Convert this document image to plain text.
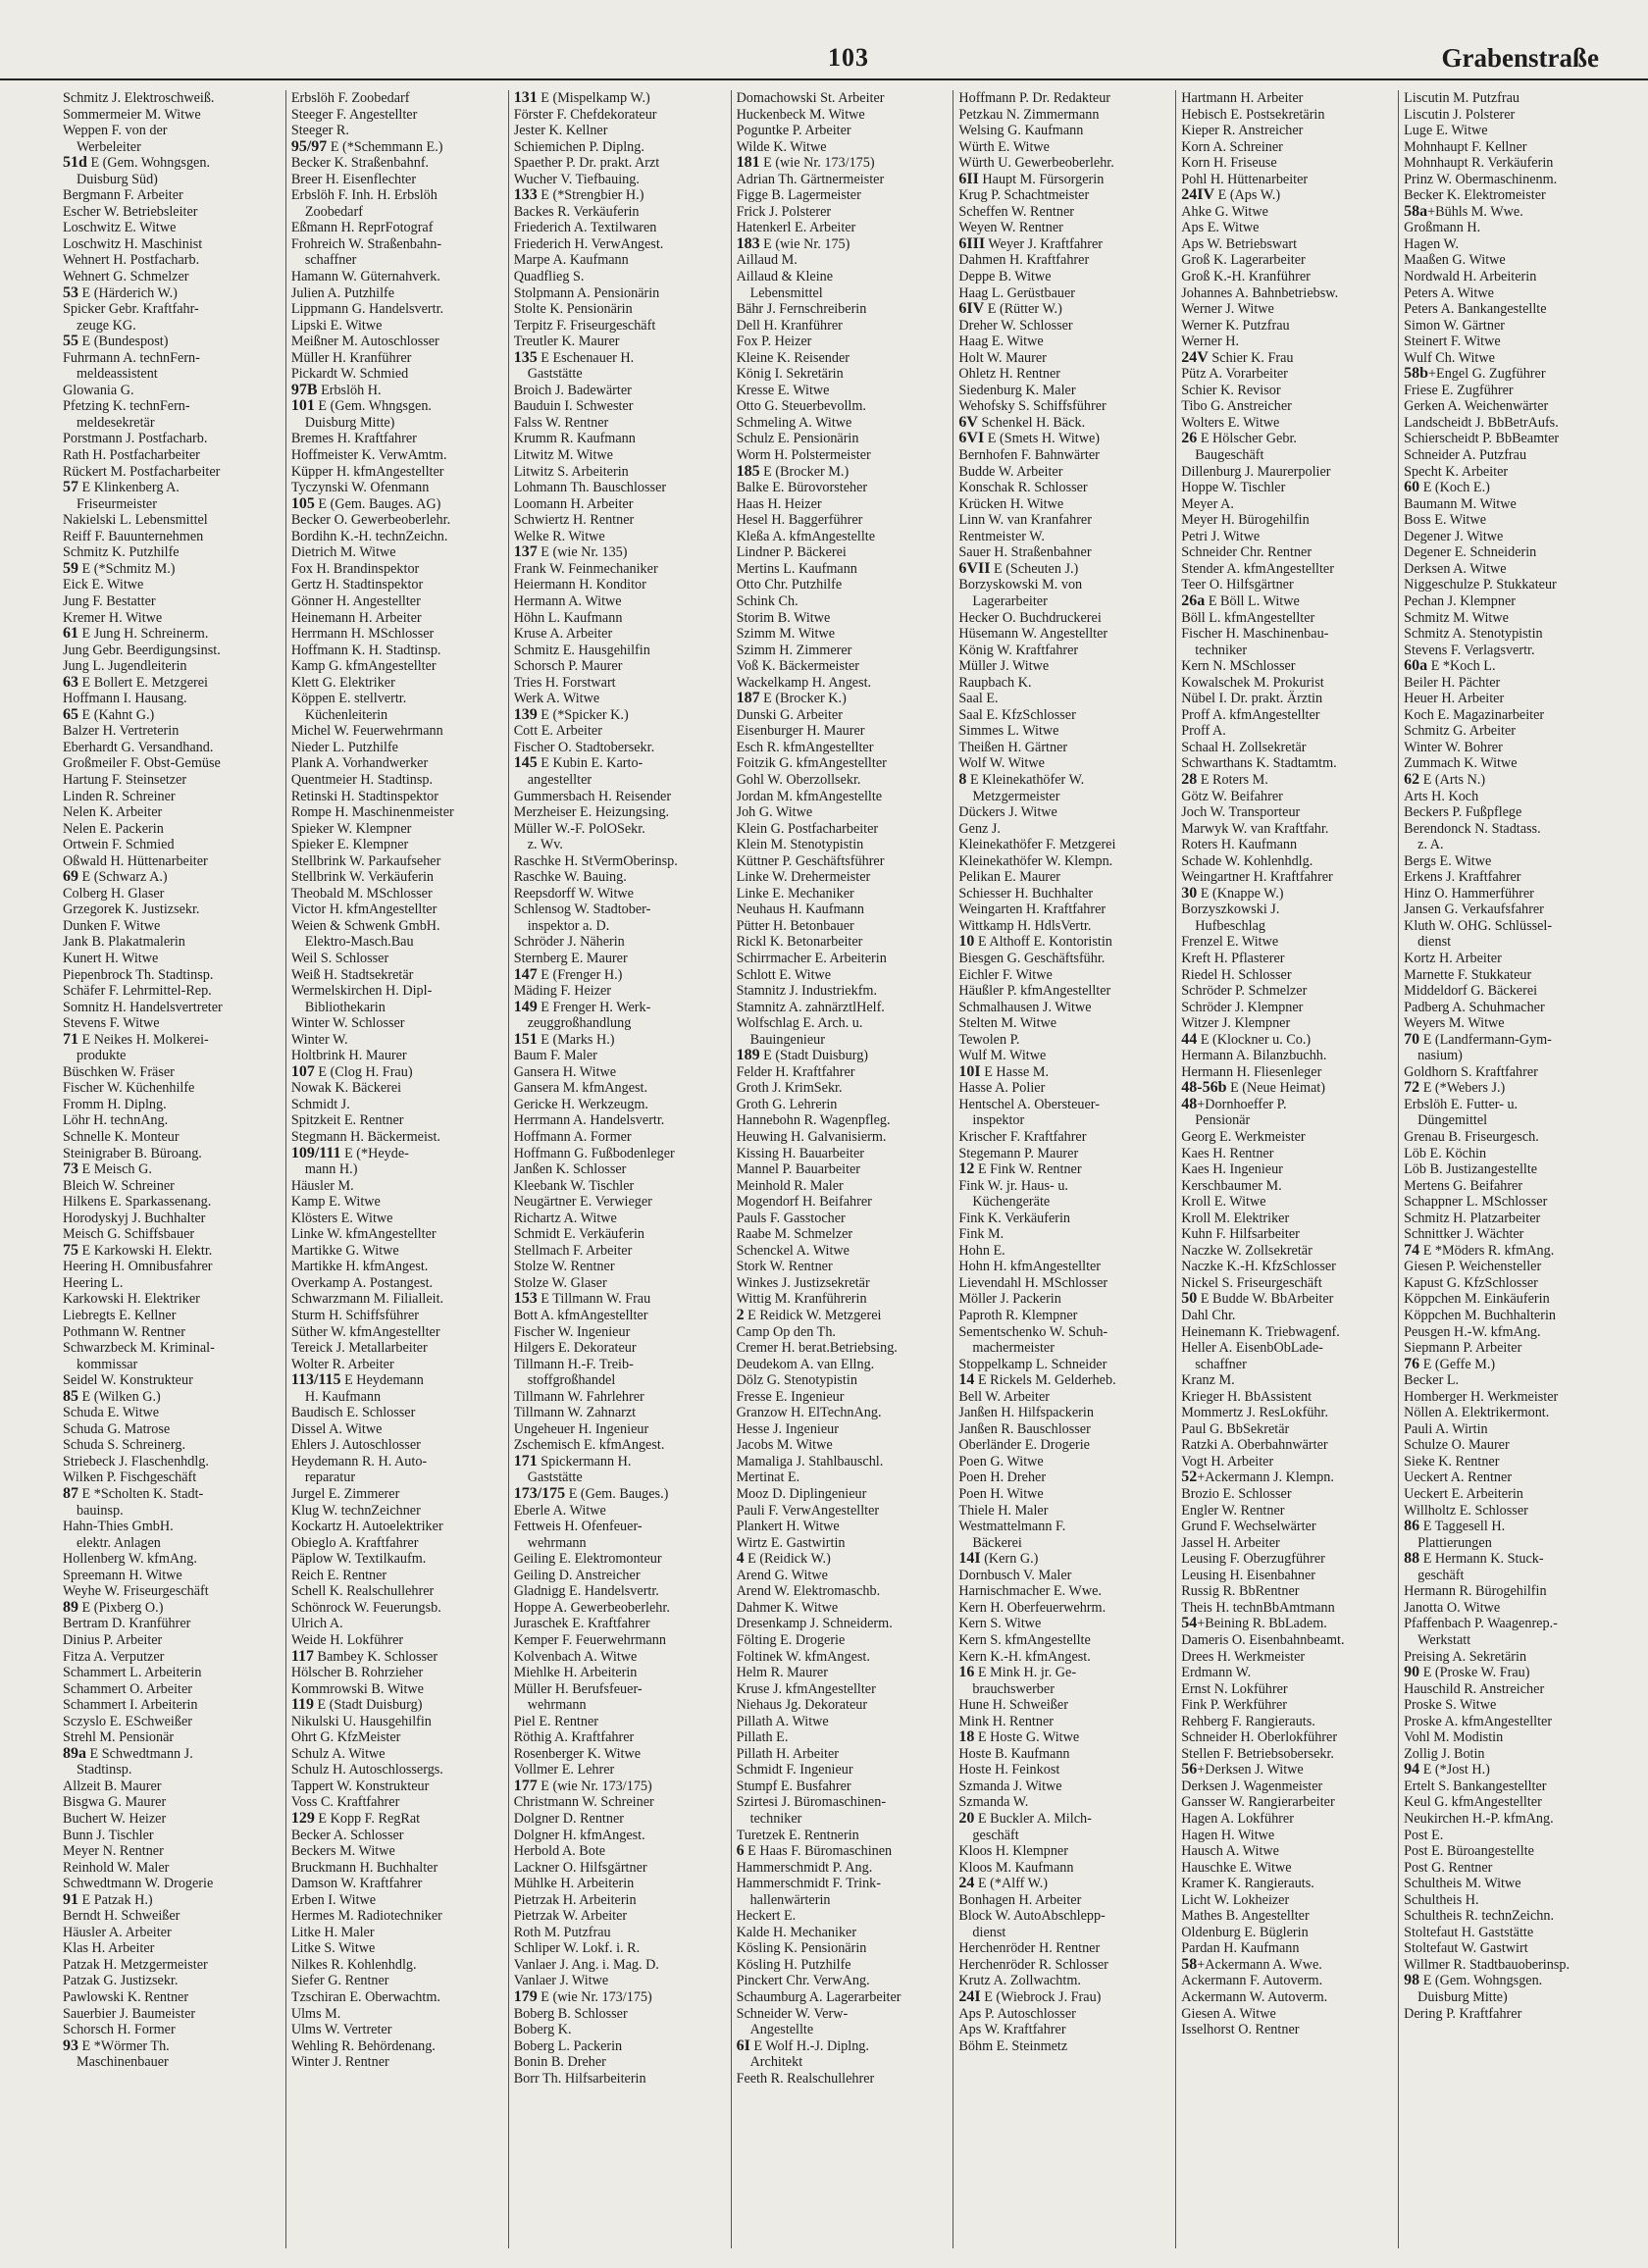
103	Grabenstraße
Schmitz J. Elektroschweiß.
Sommermeier M. Witwe
Weppen F. von der
Werbeleiter
51d E (Gem. Wohngsgen.
Duisburg Süd)
Bergmann F. Arbeiter
Escher W. Betriebsleiter
Loschwitz E. Witwe
Loschwitz H. Maschinist
Wehnert H. Postfacharb.
Wehnert G. Schmelzer
53 E (Härderich W.)
Spicker Gebr. Kraftfahr-
zeuge KG.
55 E (Bundespost)
Fuhrmann A. technFern-
meldeassistent
Glowania G.
Pfetzing K. technFern-
meldesekretär
Porstmann J. Postfacharb.
Rath H. Postfacharbeiter
Rückert M. Postfacharbeiter
57 E Klinkenberg A.
Friseurmeister
Nakielski L. Lebensmittel
Reiff F. Bauunternehmen
Schmitz K. Putzhilfe
59 E (*Schmitz M.)
Eick E. Witwe
Jung F. Bestatter
Kremer H. Witwe
61 E Jung H. Schreinerm.
Jung Gebr. Beerdigungsinst.
Jung L. Jugendleiterin
63 E Bollert E. Metzgerei
Hoffmann I. Hausang.
65 E (Kahnt G.)
Balzer H. Vertreterin
Eberhardt G. Versandhand.
Großmeiler F. Obst-Gemüse
Hartung F. Steinsetzer
Linden R. Schreiner
Nelen K. Arbeiter
Nelen E. Packerin
Ortwein F. Schmied
Oßwald H. Hüttenarbeiter
69 E (Schwarz A.)
Colberg H. Glaser
Grzegorek K. Justizsekr.
Dunken F. Witwe
Jank B. Plakatmalerin
Kunert H. Witwe
Piepenbrock Th. Stadtinsp.
Schäfer F. Lehrmittel-Rep.
Somnitz H. Handelsvertreter
Stevens F. Witwe
71 E Neikes H. Molkerei-
produkte
Büschken W. Fräser
Fischer W. Küchenhilfe
Fromm H. Diplng.
Löhr H. technAng.
Schnelle K. Monteur
Steinigraber B. Büroang.
73 E Meisch G.
Bleich W. Schreiner
Hilkens E. Sparkassenang.
Horodyskyj J. Buchhalter
Meisch G. Schiffsbauer
75 E Karkowski H. Elektr.
Heering H. Omnibusfahrer
Heering L.
Karkowski H. Elektriker
Liebregts E. Kellner
Pothmann W. Rentner
Schwarzbeck M. Kriminal-
kommissar
Seidel W. Konstrukteur
85 E (Wilken G.)
Schuda E. Witwe
Schuda G. Matrose
Schuda S. Schreinerg.
Striebeck J. Flaschenhdlg.
Wilken P. Fischgeschäft
87 E *Scholten K. Stadt-
bauinsp.
Hahn-Thies GmbH.
elektr. Anlagen
Hollenberg W. kfmAng.
Spreemann H. Witwe
Weyhe W. Friseurgeschäft
89 E (Pixberg O.)
Bertram D. Kranführer
Dinius P. Arbeiter
Fitza A. Verputzer
Schammert L. Arbeiterin
Schammert O. Arbeiter
Schammert I. Arbeiterin
Sczyslo E. ESchweißer
Strehl M. Pensionär
89a E Schwedtmann J.
Stadtinsp.
Allzeit B. Maurer
Bisgwa G. Maurer
Buchert W. Heizer
Bunn J. Tischler
Meyer N. Rentner
Reinhold W. Maler
Schwedtmann W. Drogerie
91 E Patzak H.)
Berndt H. Schweißer
Häusler A. Arbeiter
Klas H. Arbeiter
Patzak H. Metzgermeister
Patzak G. Justizsekr.
Pawlowski K. Rentner
Sauerbier J. Baumeister
Schorsch H. Former
93 E *Wörmer Th.
Maschinenbauer
Erbslöh F. Zoobedarf
Steeger F. Angestellter
Steeger R.
95/97 E (*Schemmann E.)
Becker K. Straßenbahnf.
Breer H. Eisenflechter
Erbslöh F. Inh. H. Erbslöh
Zoobedarf
Eßmann H. ReprFotograf
Frohreich W. Straßenbahn-
schaffner
Hamann W. Güternahverk.
Julien A. Putzhilfe
Lippmann G. Handelsvertr.
Lipski E. Witwe
Meißner M. Autoschlosser
Müller H. Kranführer
Pickardt W. Schmied
97B Erbslöh H.
101 E (Gem. Whngsgen.
Duisburg Mitte)
Bremes H. Kraftfahrer
Hoffmeister K. VerwAmtm.
Küpper H. kfmAngestellter
Tyczynski W. Ofenmann
105 E (Gem. Bauges. AG)
Becker O. Gewerbeoberlehr.
Bordihn K.-H. technZeichn.
Dietrich M. Witwe
Fox H. Brandinspektor
Gertz H. Stadtinspektor
Gönner H. Angestellter
Heinemann H. Arbeiter
Herrmann H. MSchlosser
Hoffmann K. H. Stadtinsp.
Kamp G. kfmAngestellter
Klett G. Elektriker
Köppen E. stellvertr.
Küchenleiterin
Michel W. Feuerwehrmann
Nieder L. Putzhilfe
Plank A. Vorhandwerker
Quentmeier H. Stadtinsp.
Retinski H. Stadtinspektor
Rompe H. Maschinenmeister
Spieker W. Klempner
Spieker E. Klempner
Stellbrink W. Parkaufseher
Stellbrink W. Verkäuferin
Theobald M. MSchlosser
Victor H. kfmAngestellter
Weien & Schwenk GmbH.
Elektro-Masch.Bau
Weil S. Schlosser
Weiß H. Stadtsekretär
Wermelskirchen H. Dipl-
Bibliothekarin
Winter W. Schlosser
Winter W.
Holtbrink H. Maurer
107 E (Clog H. Frau)
Nowak K. Bäckerei
Schmidt J.
Spitzkeit E. Rentner
Stegmann H. Bäckermeist.
109/111 E (*Heyde-
mann H.)
Häusler M.
Kamp E. Witwe
Klösters E. Witwe
Linke W. kfmAngestellter
Martikke G. Witwe
Martikke H. kfmAngest.
Overkamp A. Postangest.
Schwarzmann M. Filialleit.
Sturm H. Schiffsführer
Süther W. kfmAngestellter
Tereick J. Metallarbeiter
Wolter R. Arbeiter
113/115 E Heydemann
H. Kaufmann
Baudisch E. Schlosser
Dissel A. Witwe
Ehlers J. Autoschlosser
Heydemann R. H. Auto-
reparatur
Jurgel E. Zimmerer
Klug W. technZeichner
Kockartz H. Autoelektriker
Obieglo A. Kraftfahrer
Päplow W. Textilkaufm.
Reich E. Rentner
Schell K. Realschullehrer
Schönrock W. Feuerungsb.
Ulrich A.
Weide H. Lokführer
117 Bambey K. Schlosser
Hölscher B. Rohrzieher
Kommrowski B. Witwe
119 E (Stadt Duisburg)
Nikulski U. Hausgehilfin
Ohrt G. KfzMeister
Schulz A. Witwe
Schulz H. Autoschlossergs.
Tappert W. Konstrukteur
Voss C. Kraftfahrer
129 E Kopp F. RegRat
Becker A. Schlosser
Beckers M. Witwe
Bruckmann H. Buchhalter
Damson W. Kraftfahrer
Erben I. Witwe
Hermes M. Radiotechniker
Litke H. Maler
Litke S. Witwe
Nilkes R. Kohlenhdlg.
Siefer G. Rentner
Tzschiran E. Oberwachtm.
Ulms M.
Ulms W. Vertreter
Wehling R. Behördenang.
Winter J. Rentner
131 E (Mispelkamp W.)
Förster F. Chefdekorateur
Jester K. Kellner
Schiemichen P. Diplng.
Spaether P. Dr. prakt. Arzt
Wucher V. Tiefbauing.
133 E (*Strengbier H.)
Backes R. Verkäuferin
Friederich A. Textilwaren
Friederich H. VerwAngest.
Marpe A. Kaufmann
Quadflieg S.
Stolpmann A. Pensionärin
Stolte K. Pensionärin
Terpitz F. Friseurgeschäft
Treutler K. Maurer
135 E Eschenauer H.
Gaststätte
Broich J. Badewärter
Bauduin I. Schwester
Falss W. Rentner
Krumm R. Kaufmann
Litwitz M. Witwe
Litwitz S. Arbeiterin
Lohmann Th. Bauschlosser
Loomann H. Arbeiter
Schwiertz H. Rentner
Welke R. Witwe
137 E (wie Nr. 135)
Frank W. Feinmechaniker
Heiermann H. Konditor
Hermann A. Witwe
Höhn L. Kaufmann
Kruse A. Arbeiter
Schmitz E. Hausgehilfin
Schorsch P. Maurer
Tries H. Forstwart
Werk A. Witwe
139 E (*Spicker K.)
Cott E. Arbeiter
Fischer O. Stadtobersekr.
145 E Kubin E. Karto-
angestellter
Gummersbach H. Reisender
Merzheiser E. Heizungsing.
Müller W.-F. PolOSekr.
z. Wv.
Raschke H. StVermOberinsp.
Raschke W. Bauing.
Reepsdorff W. Witwe
Schlensog W. Stadtober-
inspektor a. D.
Schröder J. Näherin
Sternberg E. Maurer
147 E (Frenger H.)
Mäding F. Heizer
149 E Frenger H. Werk-
zeuggroßhandlung
151 E (Marks H.)
Baum F. Maler
Gansera H. Witwe
Gansera M. kfmAngest.
Gericke H. Werkzeugm.
Herrmann A. Handelsvertr.
Hoffmann A. Former
Hoffmann G. Fußbodenleger
Janßen K. Schlosser
Kleebank W. Tischler
Neugärtner E. Verwieger
Richartz A. Witwe
Schmidt E. Verkäuferin
Stellmach F. Arbeiter
Stolze W. Rentner
Stolze W. Glaser
153 E Tillmann W. Frau
Bott A. kfmAngestellter
Fischer W. Ingenieur
Hilgers E. Dekorateur
Tillmann H.-F. Treib-
stoffgroßhandel
Tillmann W. Fahrlehrer
Tillmann W. Zahnarzt
Ungeheuer H. Ingenieur
Zschemisch E. kfmAngest.
171 Spickermann H.
Gaststätte
173/175 E (Gem. Bauges.)
Eberle A. Witwe
Fettweis H. Ofenfeuer-
wehrmann
Geiling E. Elektromonteur
Geiling D. Anstreicher
Gladnigg E. Handelsvertr.
Hoppe A. Gewerbeoberlehr.
Juraschek E. Kraftfahrer
Kemper F. Feuerwehrmann
Kolvenbach A. Witwe
Miehlke H. Arbeiterin
Müller H. Berufsfeuer-
wehrmann
Piel E. Rentner
Röthig A. Kraftfahrer
Rosenberger K. Witwe
Vollmer E. Lehrer
177 E (wie Nr. 173/175)
Christmann W. Schreiner
Dolgner D. Rentner
Dolgner H. kfmAngest.
Herbold A. Bote
Lackner O. Hilfsgärtner
Mühlke H. Arbeiterin
Pietrzak H. Arbeiterin
Pietrzak W. Arbeiter
Roth M. Putzfrau
Schliper W. Lokf. i. R.
Vanlaer J. Ang. i. Mag. D.
Vanlaer J. Witwe
179 E (wie Nr. 173/175)
Boberg B. Schlosser
Boberg K.
Boberg L. Packerin
Bonin B. Dreher
Borr Th. Hilfsarbeiterin
Domachowski St. Arbeiter
Huckenbeck M. Witwe
Poguntke P. Arbeiter
Wilde K. Witwe
181 E (wie Nr. 173/175)
Adrian Th. Gärtnermeister
Figge B. Lagermeister
Frick J. Polsterer
Hatenkerl E. Arbeiter
183 E (wie Nr. 175)
Aillaud M.
Aillaud & Kleine
Lebensmittel
Bähr J. Fernschreiberin
Dell H. Kranführer
Fox P. Heizer
Kleine K. Reisender
König I. Sekretärin
Kresse E. Witwe
Otto G. Steuerbevollm.
Schmeling A. Witwe
Schulz E. Pensionärin
Worm H. Polstermeister
185 E (Brocker M.)
Balke E. Bürovorsteher
Haas H. Heizer
Hesel H. Baggerführer
Kleßa A. kfmAngestellte
Lindner P. Bäckerei
Mertins L. Kaufmann
Otto Chr. Putzhilfe
Schink Ch.
Storim B. Witwe
Szimm M. Witwe
Szimm H. Zimmerer
Voß K. Bäckermeister
Wackelkamp H. Angest.
187 E (Brocker K.)
Dunski G. Arbeiter
Eisenburger H. Maurer
Esch R. kfmAngestellter
Foitzik G. kfmAngestellter
Gohl W. Oberzollsekr.
Jordan M. kfmAngestellte
Joh G. Witwe
Klein G. Postfacharbeiter
Klein M. Stenotypistin
Küttner P. Geschäftsführer
Linke W. Drehermeister
Linke E. Mechaniker
Neuhaus H. Kaufmann
Pütter H. Betonbauer
Rickl K. Betonarbeiter
Schirrmacher E. Arbeiterin
Schlott E. Witwe
Stamnitz J. Industriekfm.
Stamnitz A. zahnärztlHelf.
Wolfschlag E. Arch. u.
Bauingenieur
189 E (Stadt Duisburg)
Felder H. Kraftfahrer
Groth J. KrimSekr.
Groth G. Lehrerin
Hannebohn R. Wagenpfleg.
Heuwing H. Galvanisierm.
Kissing H. Bauarbeiter
Mannel P. Bauarbeiter
Meinhold R. Maler
Mogendorf H. Beifahrer
Pauls F. Gasstocher
Raabe M. Schmelzer
Schenckel A. Witwe
Stork W. Rentner
Winkes J. Justizsekretär
Wittig M. Kranführerin
2 E Reidick W. Metzgerei
Camp Op den Th.
Cremer H. berat.Betriebsing.
Deudekom A. van Ellng.
Dölz G. Stenotypistin
Fresse E. Ingenieur
Granzow H. ElTechnAng.
Hesse J. Ingenieur
Jacobs M. Witwe
Mamaliga J. Stahlbauschl.
Mertinat E.
Mooz D. Diplingenieur
Pauli F. VerwAngestellter
Plankert H. Witwe
Wirtz E. Gastwirtin
4 E (Reidick W.)
Arend G. Witwe
Arend W. Elektromaschb.
Dahmer K. Witwe
Dresenkamp J. Schneiderm.
Fölting E. Drogerie
Foltinek W. kfmAngest.
Helm R. Maurer
Kruse J. kfmAngestellter
Niehaus Jg. Dekorateur
Pillath A. Witwe
Pillath E.
Pillath H. Arbeiter
Schmidt F. Ingenieur
Stumpf E. Busfahrer
Szirtesi J. Büromaschinen-
techniker
Turetzek E. Rentnerin
6 E Haas F. Büromaschinen
Hammerschmidt P. Ang.
Hammerschmidt F. Trink-
hallenwärterin
Heckert E.
Kalde H. Mechaniker
Kösling K. Pensionärin
Kösling H. Putzhilfe
Pinckert Chr. VerwAng.
Schaumburg A. Lagerarbeiter
Schneider W. Verw-
Angestellte
6I E Wolf H.-J. Diplng.
Architekt
Feeth R. Realschullehrer
Hoffmann P. Dr. Redakteur
Petzkau N. Zimmermann
Welsing G. Kaufmann
Würth E. Witwe
Würth U. Gewerbeoberlehr.
6II Haupt M. Fürsorgerin
Krug P. Schachtmeister
Scheffen W. Rentner
Weyen W. Rentner
6III Weyer J. Kraftfahrer
Dahmen H. Kraftfahrer
Deppe B. Witwe
Haag L. Gerüstbauer
6IV E (Rütter W.)
Dreher W. Schlosser
Haag E. Witwe
Holt W. Maurer
Ohletz H. Rentner
Siedenburg K. Maler
Wehofsky S. Schiffsführer
6V Schenkel H. Bäck.
6VI E (Smets H. Witwe)
Bernhofen F. Bahnwärter
Budde W. Arbeiter
Konschak R. Schlosser
Krücken H. Witwe
Linn W. van Kranfahrer
Rentmeister W.
Sauer H. Straßenbahner
6VII E (Scheuten J.)
Borzyskowski M. von
Lagerarbeiter
Hecker O. Buchdruckerei
Hüsemann W. Angestellter
König W. Kraftfahrer
Müller J. Witwe
Raupbach K.
Saal E.
Saal E. KfzSchlosser
Simmes L. Witwe
Theißen H. Gärtner
Wolf W. Witwe
8 E Kleinekathöfer W.
Metzgermeister
Dückers J. Witwe
Genz J.
Kleinekathöfer F. Metzgerei
Kleinekathöfer W. Klempn.
Pelikan E. Maurer
Schiesser H. Buchhalter
Weingarten H. Kraftfahrer
Wittkamp H. HdlsVertr.
10 E Althoff E. Kontoristin
Biesgen G. Geschäftsführ.
Eichler F. Witwe
Häußler P. kfmAngestellter
Schmalhausen J. Witwe
Stelten M. Witwe
Tewolen P.
Wulf M. Witwe
10I E Hasse M.
Hasse A. Polier
Hentschel A. Obersteuer-
inspektor
Krischer F. Kraftfahrer
Stegemann P. Maurer
12 E Fink W. Rentner
Fink W. jr. Haus- u.
Küchengeräte
Fink K. Verkäuferin
Fink M.
Hohn E.
Hohn H. kfmAngestellter
Lievendahl H. MSchlosser
Möller J. Packerin
Paproth R. Klempner
Sementschenko W. Schuh-
machermeister
Stoppelkamp L. Schneider
14 E Rickels M. Gelderheb.
Bell W. Arbeiter
Janßen H. Hilfspackerin
Janßen R. Bauschlosser
Oberländer E. Drogerie
Poen G. Witwe
Poen H. Dreher
Poen H. Witwe
Thiele H. Maler
Westmattelmann F.
Bäckerei
14I (Kern G.)
Dornbusch V. Maler
Harnischmacher E. Wwe.
Kern H. Oberfeuerwehrm.
Kern S. Witwe
Kern S. kfmAngestellte
Kern K.-H. kfmAngest.
16 E Mink H. jr. Ge-
brauchswerber
Hune H. Schweißer
Mink H. Rentner
18 E Hoste G. Witwe
Hoste B. Kaufmann
Hoste H. Feinkost
Szmanda J. Witwe
Szmanda W.
20 E Buckler A. Milch-
geschäft
Kloos H. Klempner
Kloos M. Kaufmann
24 E (*Alff W.)
Bonhagen H. Arbeiter
Block W. AutoAbschlepp-
dienst
Herchenröder H. Rentner
Herchenröder R. Schlosser
Krutz A. Zollwachtm.
24I E (Wiebrock J. Frau)
Aps P. Autoschlosser
Aps W. Kraftfahrer
Böhm E. Steinmetz
Hartmann H. Arbeiter
Hebisch E. Postsekretärin
Kieper R. Anstreicher
Korn A. Schreiner
Korn H. Friseuse
Pohl H. Hüttenarbeiter
24IV E (Aps W.)
Ahke G. Witwe
Aps E. Witwe
Aps W. Betriebswart
Groß K. Lagerarbeiter
Groß K.-H. Kranführer
Johannes A. Bahnbetriebsw.
Werner J. Witwe
Werner K. Putzfrau
Werner H.
24V Schier K. Frau
Pütz A. Vorarbeiter
Schier K. Revisor
Tibo G. Anstreicher
Wolters E. Witwe
26 E Hölscher Gebr.
Baugeschäft
Dillenburg J. Maurerpolier
Hoppe W. Tischler
Meyer A.
Meyer H. Bürogehilfin
Petri J. Witwe
Schneider Chr. Rentner
Stender A. kfmAngestellter
Teer O. Hilfsgärtner
26a E Böll L. Witwe
Böll L. kfmAngestellter
Fischer H. Maschinenbau-
techniker
Kern N. MSchlosser
Kowalschek M. Prokurist
Nübel I. Dr. prakt. Ärztin
Proff A. kfmAngestellter
Proff A.
Schaal H. Zollsekretär
Schwarthans K. Stadtamtm.
28 E Roters M.
Götz W. Beifahrer
Joch W. Transporteur
Marwyk W. van Kraftfahr.
Roters H. Kaufmann
Schade W. Kohlenhdlg.
Weingartner H. Kraftfahrer
30 E (Knappe W.)
Borzyszkowski J.
Hufbeschlag
Frenzel E. Witwe
Kreft H. Pflasterer
Riedel H. Schlosser
Schröder P. Schmelzer
Schröder J. Klempner
Witzer J. Klempner
44 E (Klockner u. Co.)
Hermann A. Bilanzbuchh.
Hermann H. Fliesenleger
48-56b E (Neue Heimat)
48+Dornhoeffer P.
Pensionär
Georg E. Werkmeister
Kaes H. Rentner
Kaes H. Ingenieur
Kerschbaumer M.
Kroll E. Witwe
Kroll M. Elektriker
Kuhn F. Hilfsarbeiter
Naczke W. Zollsekretär
Naczke K.-H. KfzSchlosser
Nickel S. Friseurgeschäft
50 E Budde W. BbArbeiter
Dahl Chr.
Heinemann K. Triebwagenf.
Heller A. EisenbObLade-
schaffner
Kranz M.
Krieger H. BbAssistent
Mommertz J. ResLokführ.
Paul G. BbSekretär
Ratzki A. Oberbahnwärter
Vogt H. Arbeiter
52+Ackermann J. Klempn.
Brozio E. Schlosser
Engler W. Rentner
Grund F. Wechselwärter
Jassel H. Arbeiter
Leusing F. Oberzugführer
Leusing H. Eisenbahner
Russig R. BbRentner
Theis H. technBbAmtmann
54+Beining R. BbLadem.
Dameris O. Eisenbahnbeamt.
Drees H. Werkmeister
Erdmann W.
Ernst N. Lokführer
Fink P. Werkführer
Rehberg F. Rangierauts.
Schneider H. Oberlokführer
Stellen F. Betriebsobersekr.
56+Derksen J. Witwe
Derksen J. Wagenmeister
Gansser W. Rangierarbeiter
Hagen A. Lokführer
Hagen H. Witwe
Hausch A. Witwe
Hauschke E. Witwe
Kramer K. Rangierauts.
Licht W. Lokheizer
Mathes B. Angestellter
Oldenburg E. Büglerin
Pardan H. Kaufmann
58+Ackermann A. Wwe.
Ackermann F. Autoverm.
Ackermann W. Autoverm.
Giesen A. Witwe
Isselhorst O. Rentner
Liscutin M. Putzfrau
Liscutin J. Polsterer
Luge E. Witwe
Mohnhaupt F. Kellner
Mohnhaupt R. Verkäuferin
Prinz W. Obermaschinenm.
Becker K. Elektromeister
58a+Bühls M. Wwe.
Großmann H.
Hagen W.
Maaßen G. Witwe
Nordwald H. Arbeiterin
Peters A. Witwe
Peters A. Bankangestellte
Simon W. Gärtner
Steinert F. Witwe
Wulf Ch. Witwe
58b+Engel G. Zugführer
Friese E. Zugführer
Gerken A. Weichenwärter
Landscheidt J. BbBetrAufs.
Schierscheidt P. BbBeamter
Schneider A. Putzfrau
Specht K. Arbeiter
60 E (Koch E.)
Baumann M. Witwe
Boss E. Witwe
Degener J. Witwe
Degener E. Schneiderin
Derksen A. Witwe
Niggeschulze P. Stukkateur
Pechan J. Klempner
Schmitz M. Witwe
Schmitz A. Stenotypistin
Stevens F. Verlagsvertr.
60a E *Koch L.
Beiler H. Pächter
Heuer H. Arbeiter
Koch E. Magazinarbeiter
Schmitz G. Arbeiter
Winter W. Bohrer
Zummach K. Witwe
62 E (Arts N.)
Arts H. Koch
Beckers P. Fußpflege
Berendonck N. Stadtass.
z. A.
Bergs E. Witwe
Erkens J. Kraftfahrer
Hinz O. Hammerführer
Jansen G. Verkaufsfahrer
Kluth W. OHG. Schlüssel-
dienst
Kortz H. Arbeiter
Marnette F. Stukkateur
Middeldorf G. Bäckerei
Padberg A. Schuhmacher
Weyers M. Witwe
70 E (Landfermann-Gym-
nasium)
Goldhorn S. Kraftfahrer
72 E (*Webers J.)
Erbslöh E. Futter- u.
Düngemittel
Grenau B. Friseurgesch.
Löb E. Köchin
Löb B. Justizangestellte
Mertens G. Beifahrer
Schappner L. MSchlosser
Schmitz H. Platzarbeiter
Schnittker J. Wächter
74 E *Möders R. kfmAng.
Giesen P. Weichensteller
Kapust G. KfzSchlosser
Köppchen M. Einkäuferin
Köppchen M. Buchhalterin
Peusgen H.-W. kfmAng.
Siepmann P. Arbeiter
76 E (Geffe M.)
Becker L.
Homberger H. Werkmeister
Nöllen A. Elektrikermont.
Pauli A. Wirtin
Schulze O. Maurer
Sieke K. Rentner
Ueckert A. Rentner
Ueckert E. Arbeiterin
Willholtz E. Schlosser
86 E Taggesell H.
Plattierungen
88 E Hermann K. Stuck-
geschäft
Hermann R. Bürogehilfin
Janotta O. Witwe
Pfaffenbach P. Waagenrep.-
Werkstatt
Preising A. Sekretärin
90 E (Proske W. Frau)
Hauschild R. Anstreicher
Proske S. Witwe
Proske A. kfmAngestellter
Vohl M. Modistin
Zollig J. Botin
94 E (*Jost H.)
Ertelt S. Bankangestellter
Keul G. kfmAngestellter
Neukirchen H.-P. kfmAng.
Post E.
Post E. Büroangestellte
Post G. Rentner
Schultheis M. Witwe
Schultheis H.
Schultheis R. technZeichn.
Stoltefaut H. Gaststätte
Stoltefaut W. Gastwirt
Willmer R. Stadtbauoberinsp.
98 E (Gem. Wohngsgen.
Duisburg Mitte)
Dering P. Kraftfahrer
